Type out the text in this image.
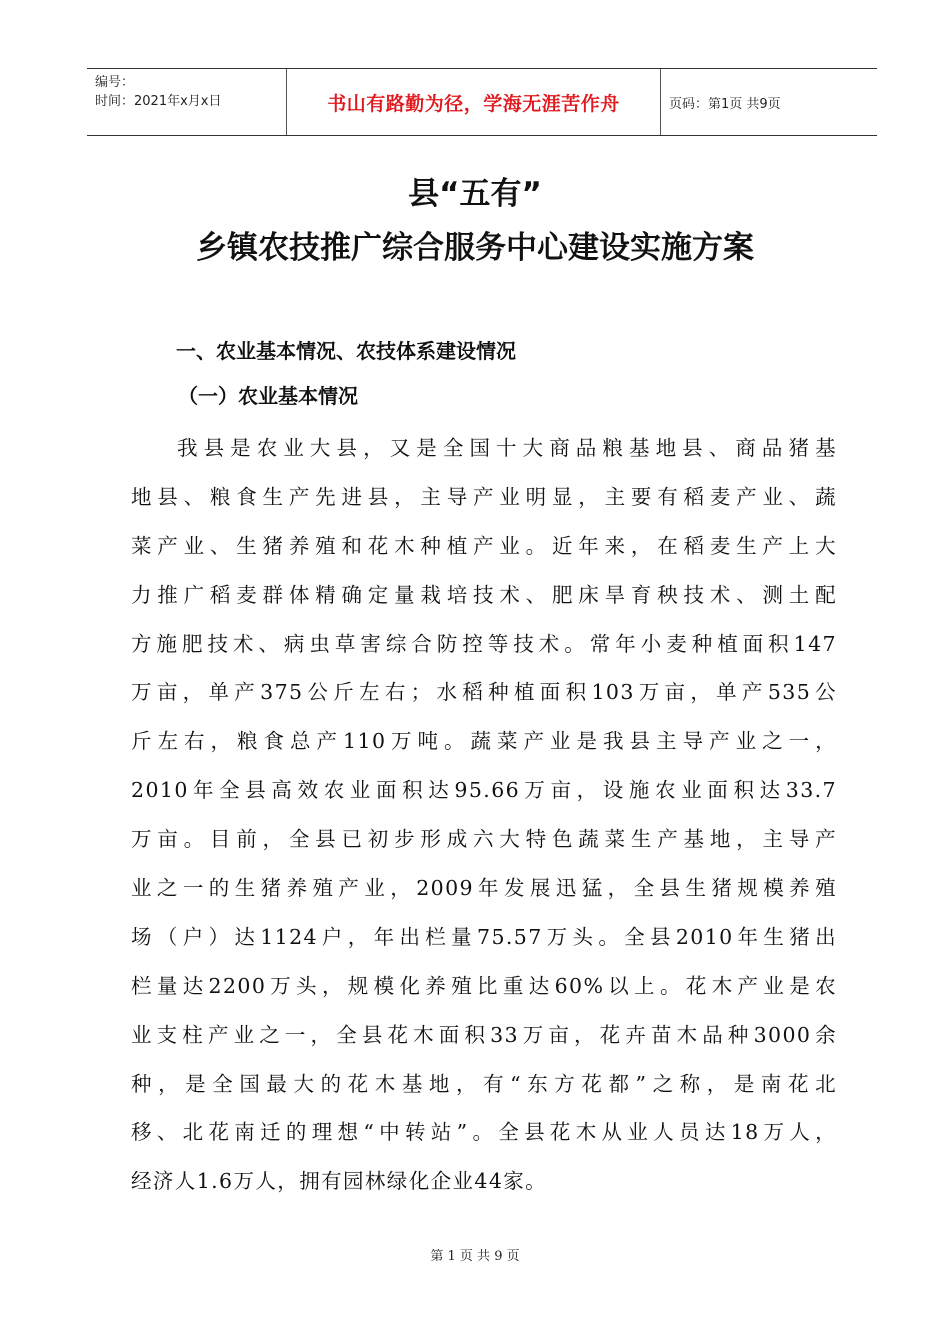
编号：
时间：2021年x月x日	书山有路勤为径，学海无涯苦作舟	页码：第1页 共9页
县“五有”
乡镇农技推广综合服务中心建设实施方案
一、农业基本情况、农技体系建设情况
（一）农业基本情况
我县是农业大县，又是全国十大商品粮基地县、商品猪基
地县、粮食生产先进县，主导产业明显，主要有稻麦产业、蔬
菜产业、生猪养殖和花木种植产业。近年来，在稻麦生产上大
力推广稻麦群体精确定量栽培技术、肥床旱育秧技术、测土配
方施肥技术、病虫草害综合防控等技术。常年小麦种植面积147
万亩，单产375公斤左右；水稻种植面积103万亩，单产535公
斤左右，粮食总产110万吨。蔬菜产业是我县主导产业之一，
2010年全县高效农业面积达95.66万亩，设施农业面积达33.7
万亩。目前，全县已初步形成六大特色蔬菜生产基地，主导产
业之一的生猪养殖产业，2009年发展迅猛，全县生猪规模养殖
场（户）达1124户，年出栏量75.57万头。全县2010年生猪出
栏量达2200万头，规模化养殖比重达60%以上。花木产业是农
业支柱产业之一，全县花木面积33万亩，花卉苗木品种3000余
种，是全国最大的花木基地，有“东方花都”之称，是南花北
移、北花南迁的理想“中转站”。全县花木从业人员达18万人，
经济人1.6万人，拥有园林绿化企业44家。
第 1 页 共 9 页
